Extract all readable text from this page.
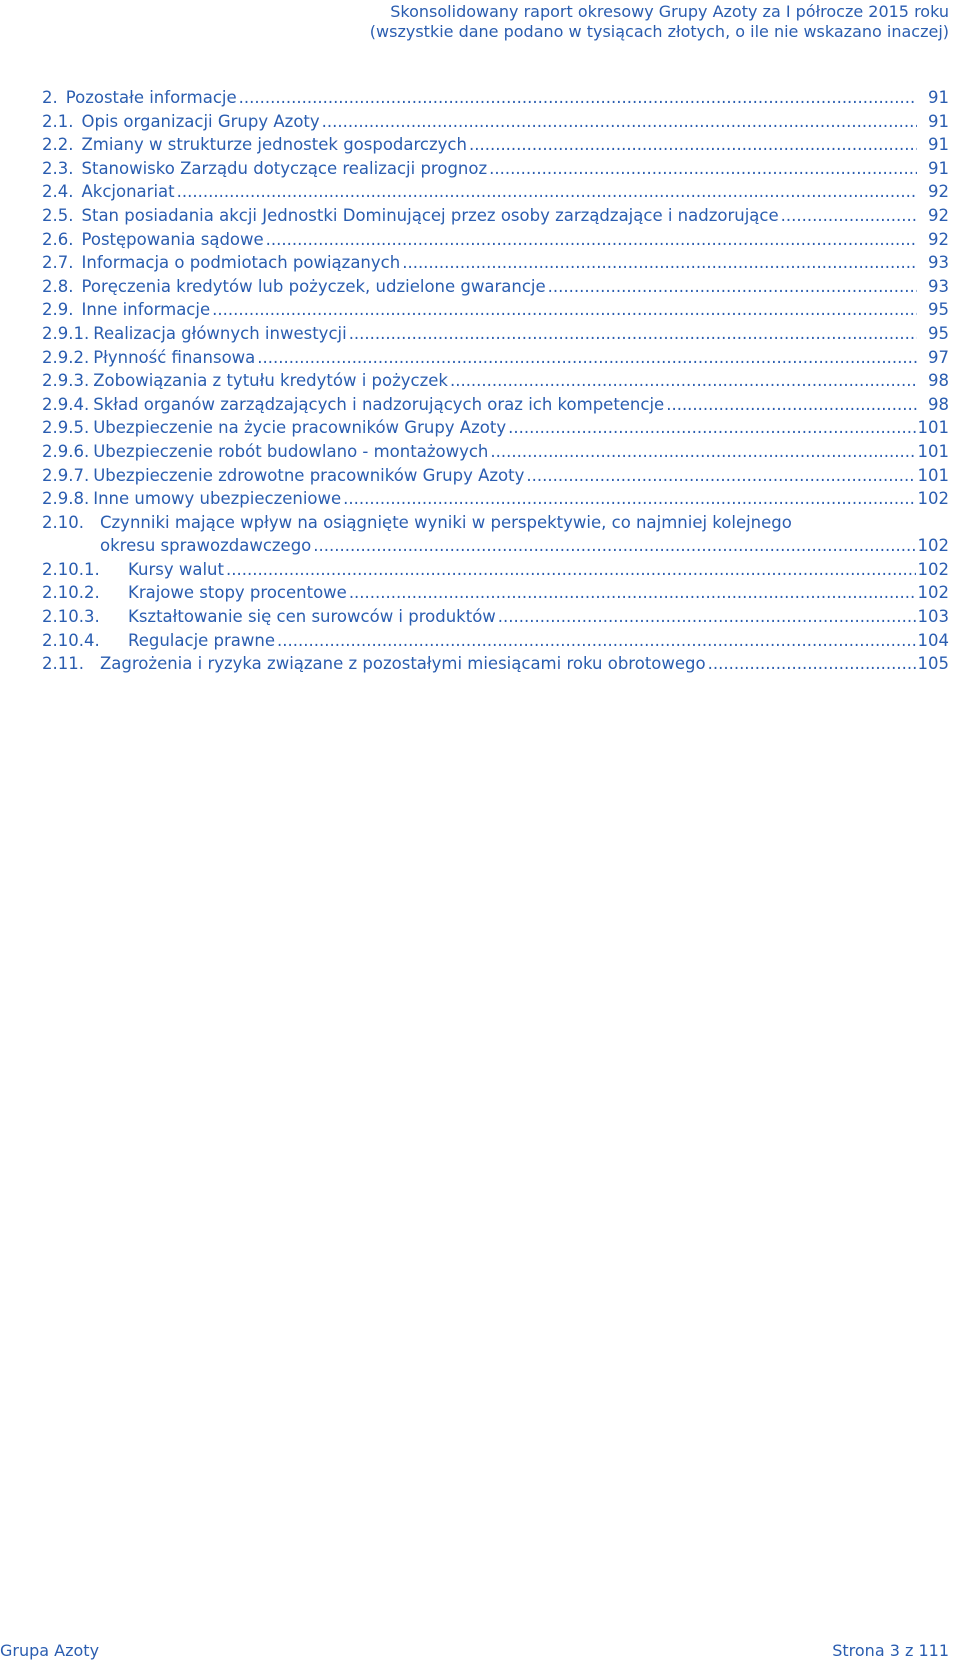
Skonsolidowany raport okresowy Grupy Azoty za I półrocze 2015 roku
(wszystkie dane podano w tysiącach złotych, o ile nie wskazano inaczej)
2. Pozostałe informacje .....	91
2.1. Opis organizacji Grupy Azoty .....	91
2.2. Zmiany w strukturze jednostek gospodarczych .....	91
2.3. Stanowisko Zarządu dotyczące realizacji prognoz .....	91
2.4. Akcjonariat .....	92
2.5. Stan posiadania akcji Jednostki Dominującej przez osoby zarządzające i nadzorujące .....	92
2.6. Postępowania sądowe .....	92
2.7. Informacja o podmiotach powiązanych .....	93
2.8. Poręczenia kredytów lub pożyczek, udzielone gwarancje .....	93
2.9. Inne informacje .....	95
2.9.1. Realizacja głównych inwestycji .....	95
2.9.2. Płynność finansowa .....	97
2.9.3. Zobowiązania z tytułu kredytów i pożyczek .....	98
2.9.4. Skład organów zarządzających i nadzorujących oraz ich kompetencje .....	98
2.9.5. Ubezpieczenie na życie pracowników Grupy Azoty .....	101
2.9.6. Ubezpieczenie robót budowlano - montażowych .....	101
2.9.7. Ubezpieczenie zdrowotne pracowników Grupy Azoty .....	101
2.9.8. Inne umowy ubezpieczeniowe .....	102
2.10. Czynniki mające wpływ na osiągnięte wyniki w perspektywie, co najmniej kolejnego
okresu sprawozdawczego .....	102
2.10.1.	Kursy walut .....	102
2.10.2.	Krajowe stopy procentowe .....	102
2.10.3.	Kształtowanie się cen surowców i produktów .....	103
2.10.4.	Regulacje prawne .....	104
2.11. Zagrożenia i ryzyka związane z pozostałymi miesiącami roku obrotowego .....	105
Grupa Azoty	Strona 3 z 111
